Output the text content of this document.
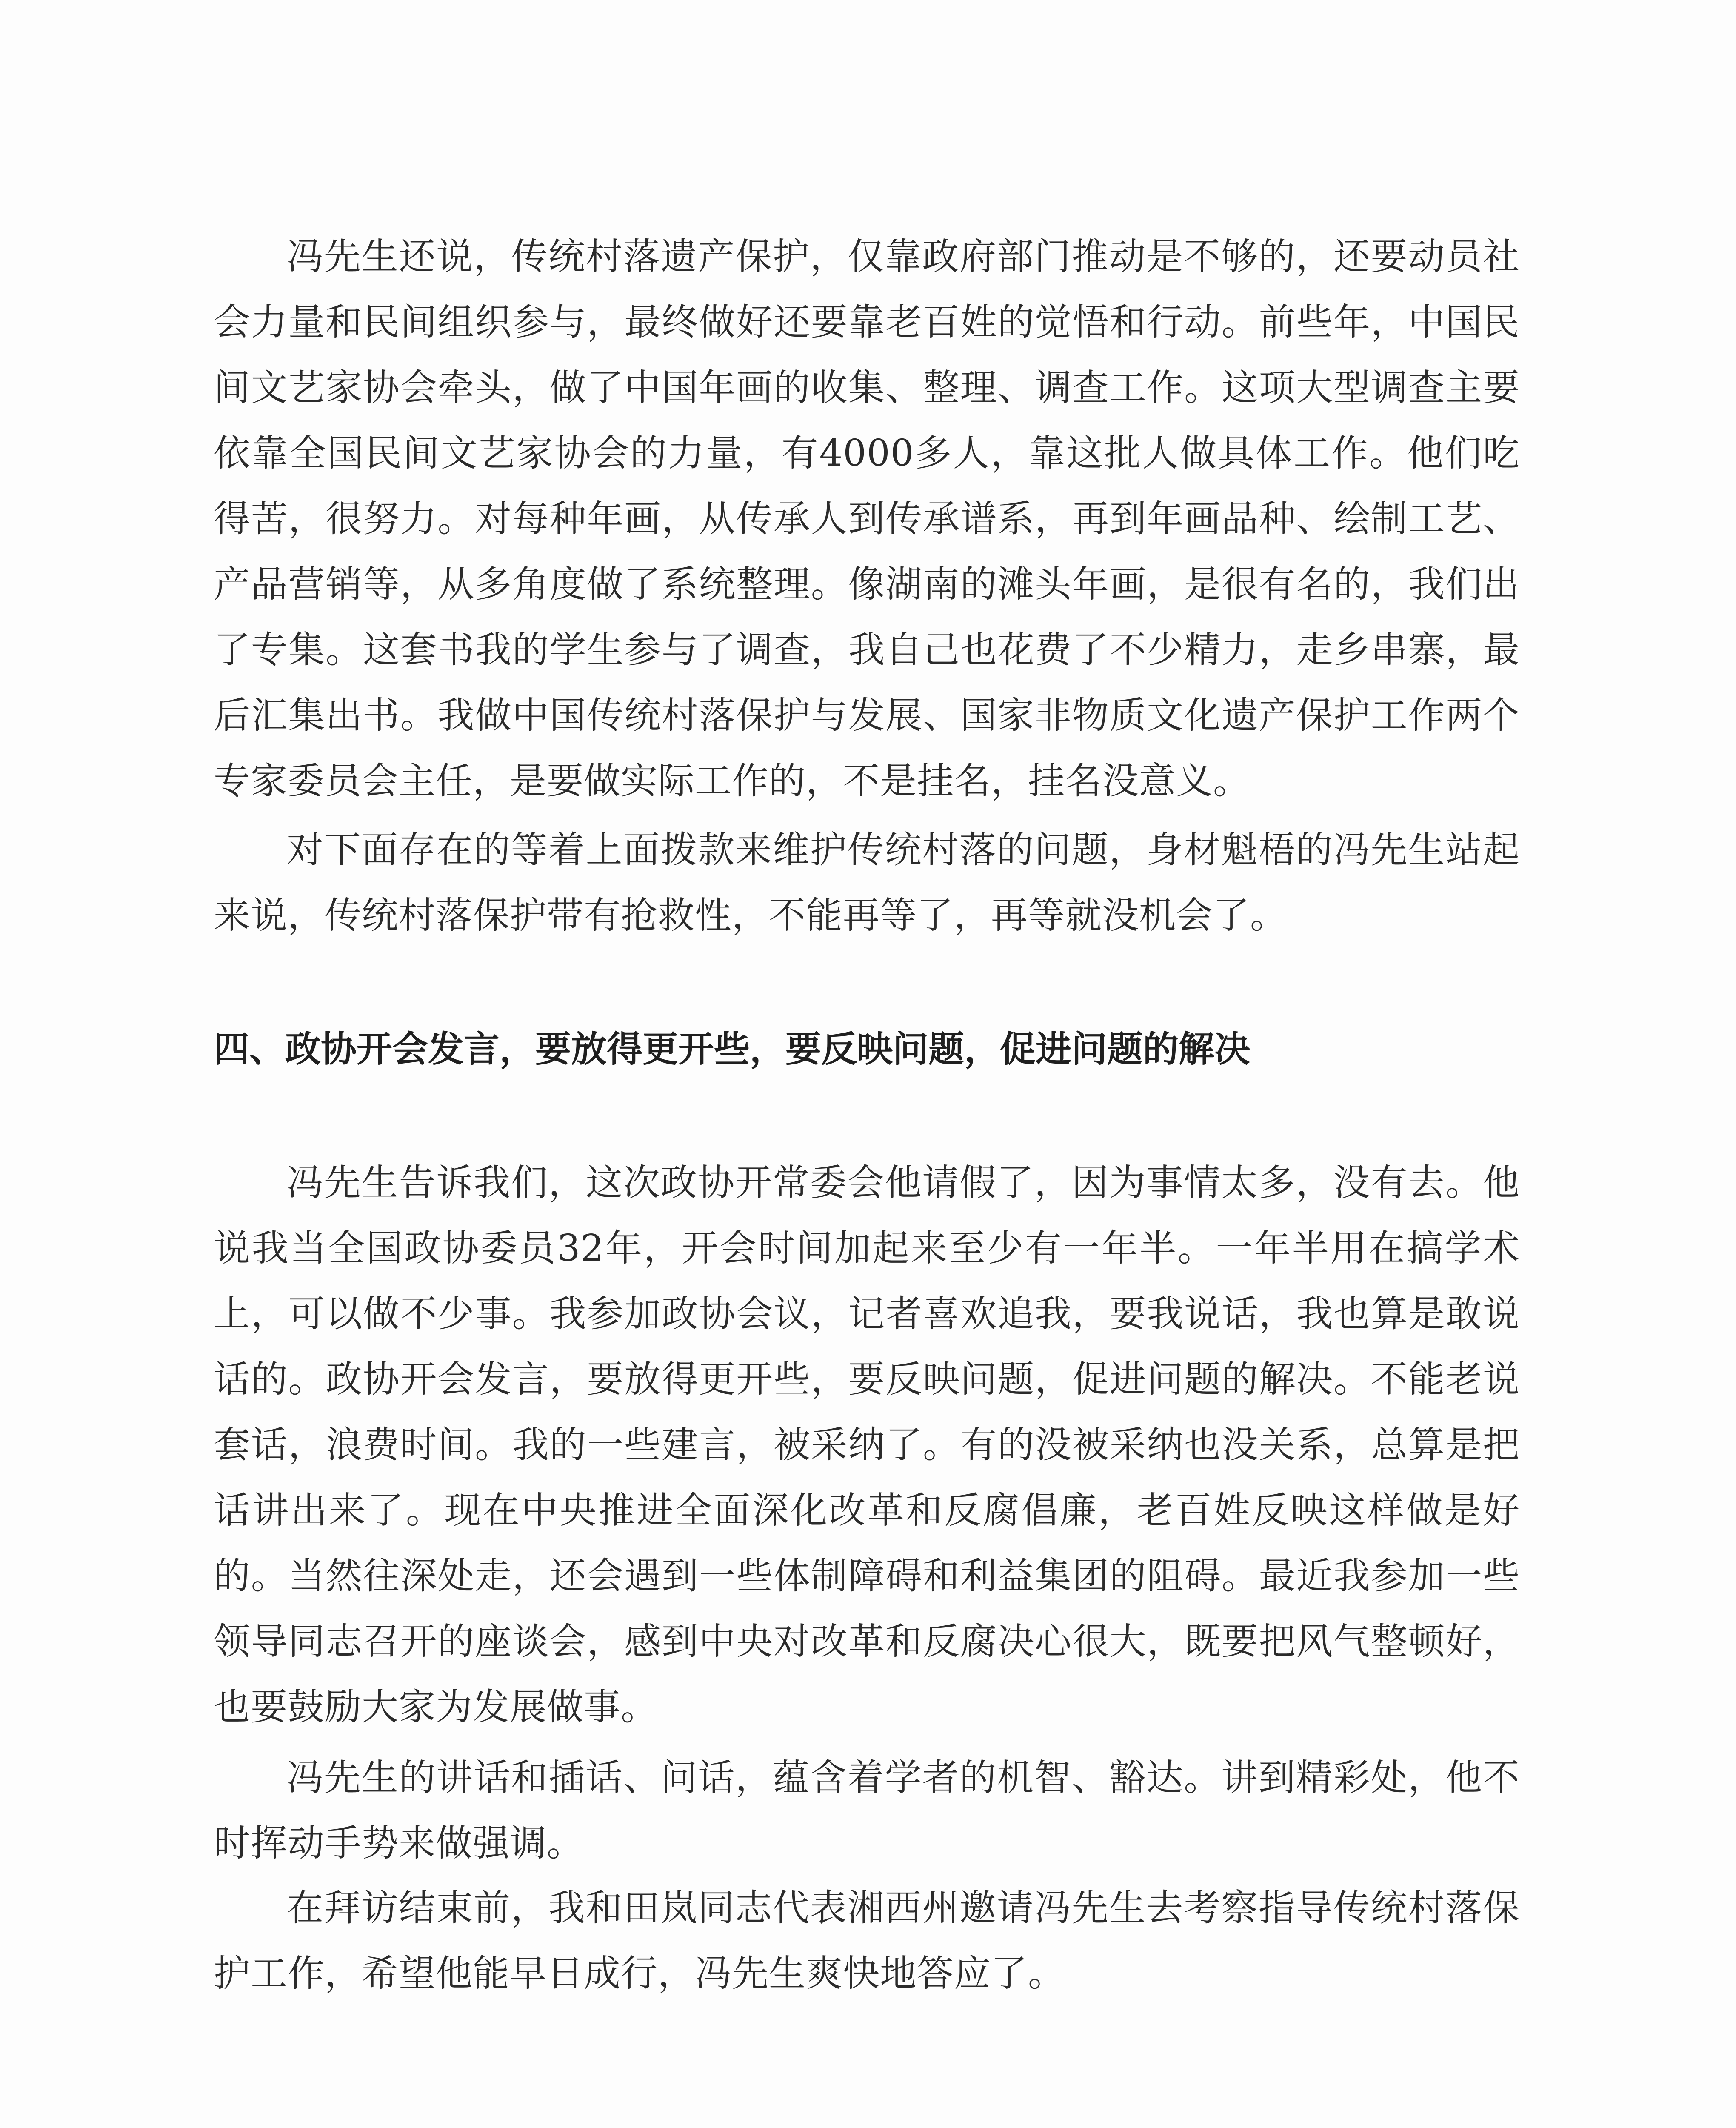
冯先生还说，传统村落遗产保护，仅靠政府部门推动是不够的，还要动员社会力量和民间组织参与，最终做好还要靠老百姓的觉悟和行动。前些年，中国民间文艺家协会牵头，做了中国年画的收集、整理、调查工作。这项大型调查主要依靠全国民间文艺家协会的力量，有4000多人，靠这批人做具体工作。他们吃得苦，很努力。对每种年画，从传承人到传承谱系，再到年画品种、绘制工艺、产品营销等，从多角度做了系统整理。像湖南的滩头年画，是很有名的，我们出了专集。这套书我的学生参与了调查，我自己也花费了不少精力，走乡串寨，最后汇集出书。我做中国传统村落保护与发展、国家非物质文化遗产保护工作两个专家委员会主任，是要做实际工作的，不是挂名，挂名没意义。

对下面存在的等着上面拨款来维护传统村落的问题，身材魁梧的冯先生站起来说，传统村落保护带有抢救性，不能再等了，再等就没机会了。

四、政协开会发言，要放得更开些，要反映问题，促进问题的解决

冯先生告诉我们，这次政协开常委会他请假了，因为事情太多，没有去。他说我当全国政协委员32年，开会时间加起来至少有一年半。一年半用在搞学术上，可以做不少事。我参加政协会议，记者喜欢追我，要我说话，我也算是敢说话的。政协开会发言，要放得更开些，要反映问题，促进问题的解决。不能老说套话，浪费时间。我的一些建言，被采纳了。有的没被采纳也没关系，总算是把话讲出来了。现在中央推进全面深化改革和反腐倡廉，老百姓反映这样做是好的。当然往深处走，还会遇到一些体制障碍和利益集团的阻碍。最近我参加一些领导同志召开的座谈会，感到中央对改革和反腐决心很大，既要把风气整顿好，也要鼓励大家为发展做事。

冯先生的讲话和插话、问话，蕴含着学者的机智、豁达。讲到精彩处，他不时挥动手势来做强调。

在拜访结束前，我和田岚同志代表湘西州邀请冯先生去考察指导传统村落保护工作，希望他能早日成行，冯先生爽快地答应了。
